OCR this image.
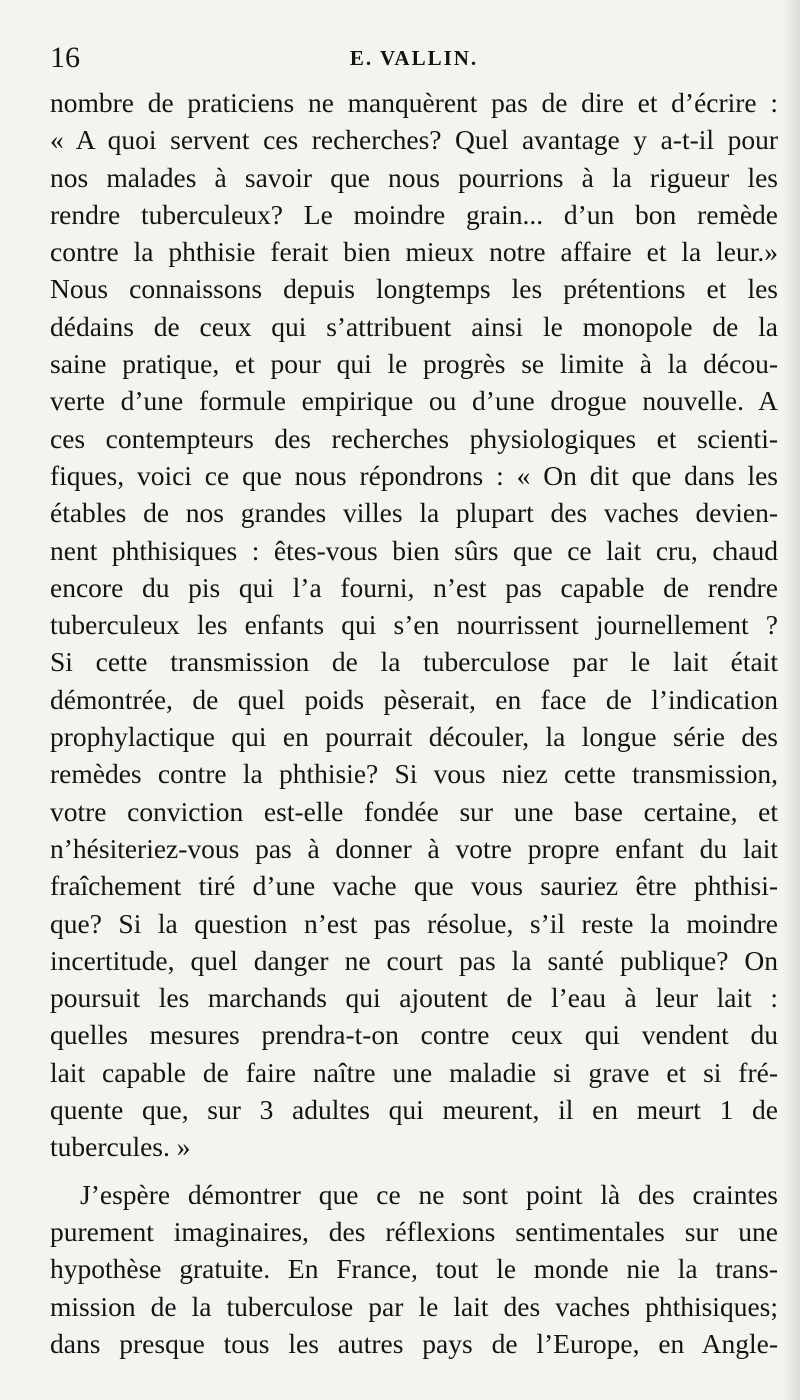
16	E. VALLIN.
nombre de praticiens ne manquèrent pas de dire et d’écrire :
« A quoi servent ces recherches? Quel avantage y a-t-il pour
nos malades à savoir que nous pourrions à la rigueur les
rendre tuberculeux? Le moindre grain... d’un bon remède
contre la phthisie ferait bien mieux notre affaire et la leur.»
Nous connaissons depuis longtemps les prétentions et les
dédains de ceux qui s’attribuent ainsi le monopole de la
saine pratique, et pour qui le progrès se limite à la décou-
verte d’une formule empirique ou d’une drogue nouvelle. A
ces contempteurs des recherches physiologiques et scienti-
fiques, voici ce que nous répondrons : « On dit que dans les
étables de nos grandes villes la plupart des vaches devien-
nent phthisiques : êtes-vous bien sûrs que ce lait cru, chaud
encore du pis qui l’a fourni, n’est pas capable de rendre
tuberculeux les enfants qui s’en nourrissent journellement ?
Si cette transmission de la tuberculose par le lait était
démontrée, de quel poids pèserait, en face de l’indication
prophylactique qui en pourrait découler, la longue série des
remèdes contre la phthisie? Si vous niez cette transmission,
votre conviction est-elle fondée sur une base certaine, et
n’hésiteriez-vous pas à donner à votre propre enfant du lait
fraîchement tiré d’une vache que vous sauriez être phthisi-
que? Si la question n’est pas résolue, s’il reste la moindre
incertitude, quel danger ne court pas la santé publique? On
poursuit les marchands qui ajoutent de l’eau à leur lait :
quelles mesures prendra-t-on contre ceux qui vendent du
lait capable de faire naître une maladie si grave et si fré-
quente que, sur 3 adultes qui meurent, il en meurt 1 de
tubercules. »
J’espère démontrer que ce ne sont point là des craintes
purement imaginaires, des réflexions sentimentales sur une
hypothèse gratuite. En France, tout le monde nie la trans-
mission de la tuberculose par le lait des vaches phthisiques;
dans presque tous les autres pays de l’Europe, en Angle-
